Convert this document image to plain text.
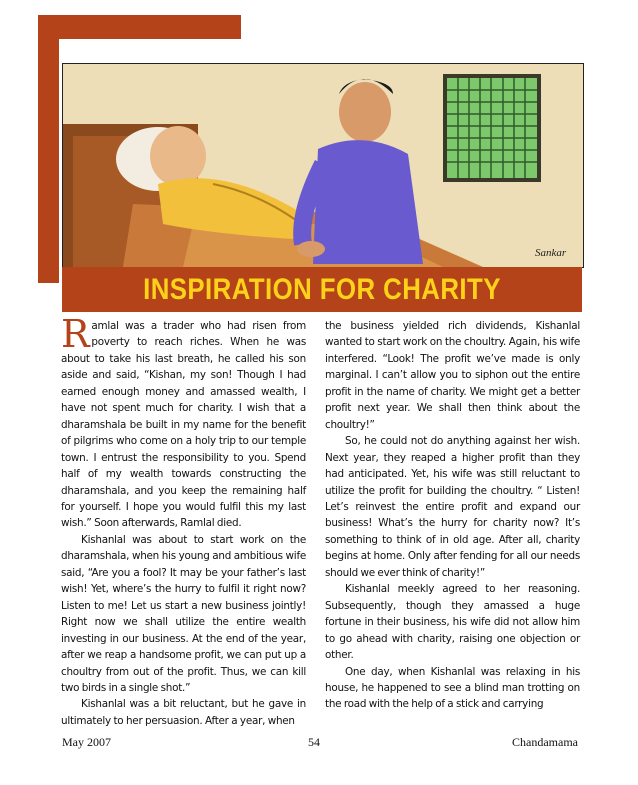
Sankar
INSPIRATION FOR CHARITY

Ramlal was a trader who had risen from poverty to reach riches. When he was about to take his last breath, he called his son aside and said, “Kishan, my son! Though I had earned enough money and amassed wealth, I have not spent much for charity. I wish that a dharamshala be built in my name for the benefit of pilgrims who come on a holy trip to our temple town. I entrust the responsibility to you. Spend half of my wealth towards constructing the dharamshala, and you keep the remaining half for yourself. I hope you would fulfil this my last wish.” Soon afterwards, Ramlal died.

Kishanlal was about to start work on the dharamshala, when his young and ambitious wife said, “Are you a fool? It may be your father’s last wish! Yet, where’s the hurry to fulfil it right now? Listen to me! Let us start a new business jointly! Right now we shall utilize the entire wealth investing in our business. At the end of the year, after we reap a handsome profit, we can put up a choultry from out of the profit. Thus, we can kill two birds in a single shot.”

Kishanlal was a bit reluctant, but he gave in ultimately to her persuasion. After a year, when

the business yielded rich dividends, Kishanlal wanted to start work on the choultry. Again, his wife interfered. “Look! The profit we’ve made is only marginal. I can’t allow you to siphon out the entire profit in the name of charity. We might get a better profit next year. We shall then think about the choultry!”

So, he could not do anything against her wish. Next year, they reaped a higher profit than they had anticipated. Yet, his wife was still reluctant to utilize the profit for building the choultry. “ Listen! Let’s reinvest the entire profit and expand our business! What’s the hurry for charity now? It’s something to think of in old age. After all, charity begins at home. Only after fending for all our needs should we ever think of charity!”

Kishanlal meekly agreed to her reasoning. Subsequently, though they amassed a huge fortune in their business, his wife did not allow him to go ahead with charity, raising one objection or other.

One day, when Kishanlal was relaxing in his house, he happened to see a blind man trotting on the road with the help of a stick and carrying

May 2007	54	Chandamama
